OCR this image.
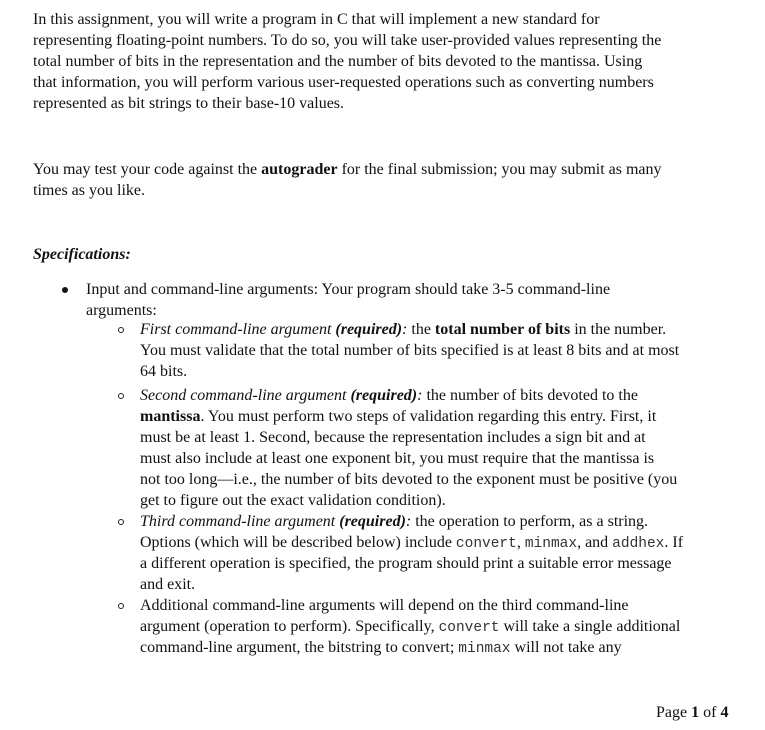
In this assignment, you will write a program in C that will implement a new standard for
representing floating-point numbers. To do so, you will take user-provided values representing the
total number of bits in the representation and the number of bits devoted to the mantissa. Using
that information, you will perform various user-requested operations such as converting numbers
represented as bit strings to their base-10 values.
You may test your code against the autograder for the final submission; you may submit as many
times as you like.
Specifications:
Input and command-line arguments: Your program should take 3-5 command-line
arguments:
First command-line argument (required): the total number of bits in the number.
You must validate that the total number of bits specified is at least 8 bits and at most
64 bits.
Second command-line argument (required): the number of bits devoted to the
mantissa. You must perform two steps of validation regarding this entry. First, it
must be at least 1. Second, because the representation includes a sign bit and at
must also include at least one exponent bit, you must require that the mantissa is
not too long—i.e., the number of bits devoted to the exponent must be positive (you
get to figure out the exact validation condition).
Third command-line argument (required): the operation to perform, as a string.
Options (which will be described below) include convert, minmax, and addhex. If
a different operation is specified, the program should print a suitable error message
and exit.
Additional command-line arguments will depend on the third command-line
argument (operation to perform). Specifically, convert will take a single additional
command-line argument, the bitstring to convert; minmax will not take any
Page 1 of 4
